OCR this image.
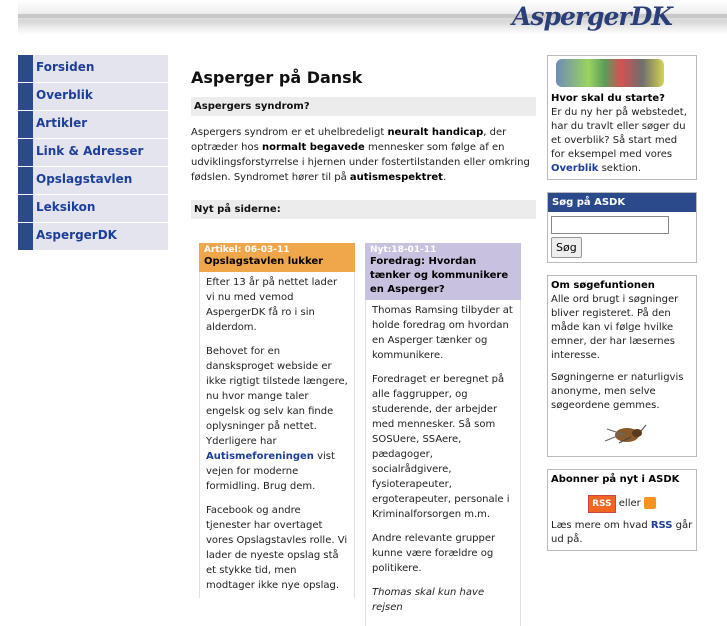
AspergerDK
Forsiden
Overblik
Artikler
Link & Adresser
Opslagstavlen
Leksikon
AspergerDK
Asperger på Dansk
Aspergers syndrom?
Aspergers syndrom er et uhelbredeligt neuralt handicap, der optræder hos normalt begavede mennesker som følge af en udviklingsforstyrrelse i hjernen under fostertilstanden eller omkring fødslen. Syndromet hører til på autismespektret.
Nyt på siderne:
Artikel: 06-03-11
Opslagstavlen lukker

Efter 13 år på nettet lader vi nu med vemod AspergerDK få ro i sin alderdom.

Behovet for en dansksproget webside er ikke rigtigt tilstede længere, nu hvor mange taler engelsk og selv kan finde oplysninger på nettet. Yderligere har Autismeforeningen vist vejen for moderne formidling. Brug dem.

Facebook og andre tjenester har overtaget vores Opslagstavles rolle. Vi lader de nyeste opslag stå et stykke tid, men modtager ikke nye opslag.

Nyt:18-01-11
Foredrag: Hvordan tænker og kommunikere en Asperger?

Thomas Ramsing tilbyder at holde foredrag om hvordan en Asperger tænker og kommunikere.

Foredraget er beregnet på alle faggrupper, og studerende, der arbejder med mennesker. Så som SOSUere, SSAere, pædagoger, socialrådgivere, fysioterapeuter, ergoterapeuter, personale i Kriminalforsorgen m.m.

Andre relevante grupper kunne være forældre og politikere.

Thomas skal kun have rejsen

Hvor skal du starte?
Er du ny her på webstedet, har du travlt eller søger du et overblik? Så start med for eksempel med vores Overblik sektion.
Søg på ASDK
Søg
Om søgefuntionen
Alle ord brugt i søgninger bliver registeret. På den måde kan vi følge hvilke emner, der har læsernes interesse.
Søgningerne er naturligvis anonyme, men selve søgeordene gemmes.
Abonner på nyt i ASDK
RSS eller
Læs mere om hvad RSS går ud på.
